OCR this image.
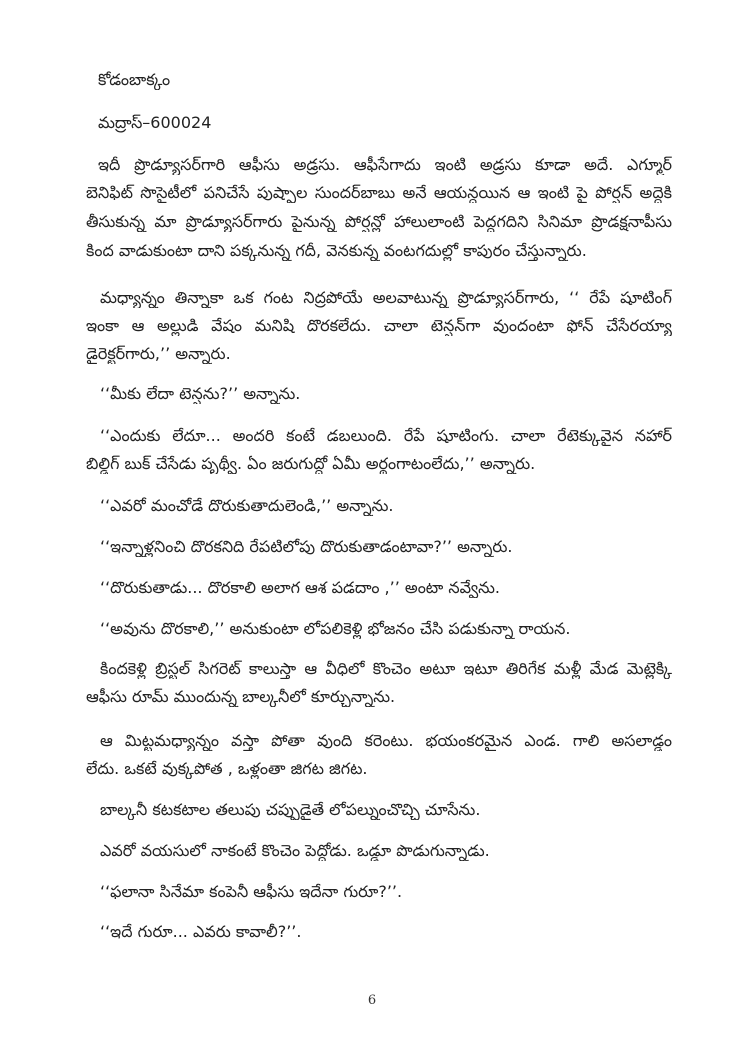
కోడంబాక్కం
మద్రాస్–600024
ఇదీ ప్రొడ్యూసర్‌గారి ఆఫీసు అడ్రసు. ఆఫీసేగాదు ఇంటి అడ్రసు కూడా అదే. ఎగ్మూర్
బెనిఫిట్ సొసైటీలో పనిచేసే పుష్పాల సుందర్‌బాబు అనే ఆయన్దయిన ఆ ఇంటి పై పోర్షన్ అద్దెకి
తీసుకున్న మా ప్రొడ్యూసర్‌గారు పైనున్న పోర్షన్లో హాలులాంటి పెద్దగదిని సినిమా ప్రొడక్షనాపీసు
కింద వాడుకుంటా దాని పక్కనున్న గదీ, వెనకున్న వంటగదుల్లో కాపురం చేస్తున్నారు.
మధ్యాన్నం తిన్నాకా ఒక గంట నిద్రపోయే అలవాటున్న ప్రొడ్యూసర్‌గారు, ‘‘ రేపే షూటింగ్
ఇంకా ఆ అల్లుడి వేషం మనిషి దొరకలేదు. చాలా టెన్షన్‌గా వుందంటా ఫోన్ చేసేరయ్యా
డైరెక్టర్‌గారు,’’ అన్నారు.
‘‘మీకు లేదా టెన్షను?’’ అన్నాను.
‘‘ఎందుకు లేదూ... అందరి కంటే డబలుంది. రేపే షూటింగు. చాలా రేటెక్కువైన నహార్
బిల్డిగ్ బుక్ చేసేడు పృథ్వీ. ఏం జరుగుద్దో ఏమీ అర్థంగాటంలేదు,’’ అన్నారు.
‘‘ఎవరో మంచోడే దొరుకుతాదులెండి,’’ అన్నాను.
‘‘ఇన్నాళ్లనించి దొరకనిది రేపటిలోపు దొరుకుతాడంటావా?’’ అన్నారు.
‘‘దొరుకుతాడు... దొరకాలి అలాగ ఆశ పడదాం ,’’ అంటా నవ్వేను.
‘‘అవును దొరకాలి,’’ అనుకుంటా లోపలికెళ్లి భోజనం చేసి పడుకున్నా రాయన.
కిందకెళ్లి బ్రిస్టల్ సిగరెట్ కాలుస్తా ఆ వీధిలో కొంచెం అటూ ఇటూ తిరిగేక మళ్లీ మేడ మెట్లెక్కి
ఆఫీసు రూమ్ ముందున్న బాల్కనీలో కూర్చున్నాను.
ఆ మిట్టమధ్యాన్నం వస్తా పోతా వుంది కరెంటు. భయంకరమైన ఎండ. గాలి అసలాడ్డం
లేదు. ఒకటే వుక్కపోత , ఒళ్లంతా జిగట జిగట.
బాల్కనీ కటకటాల తలుపు చప్పుడైతే లోపల్నుంచొచ్చి చూసేను.
ఎవరో వయసులో నాకంటే కొంచెం పెద్దోడు. ఒడ్డూ పొడుగున్నాడు.
‘‘ఫలానా సినేమా కంపెనీ ఆఫీసు ఇదేనా గురూ?’’.
‘‘ఇదే గురూ... ఎవరు కావాలీ?’’.
6
